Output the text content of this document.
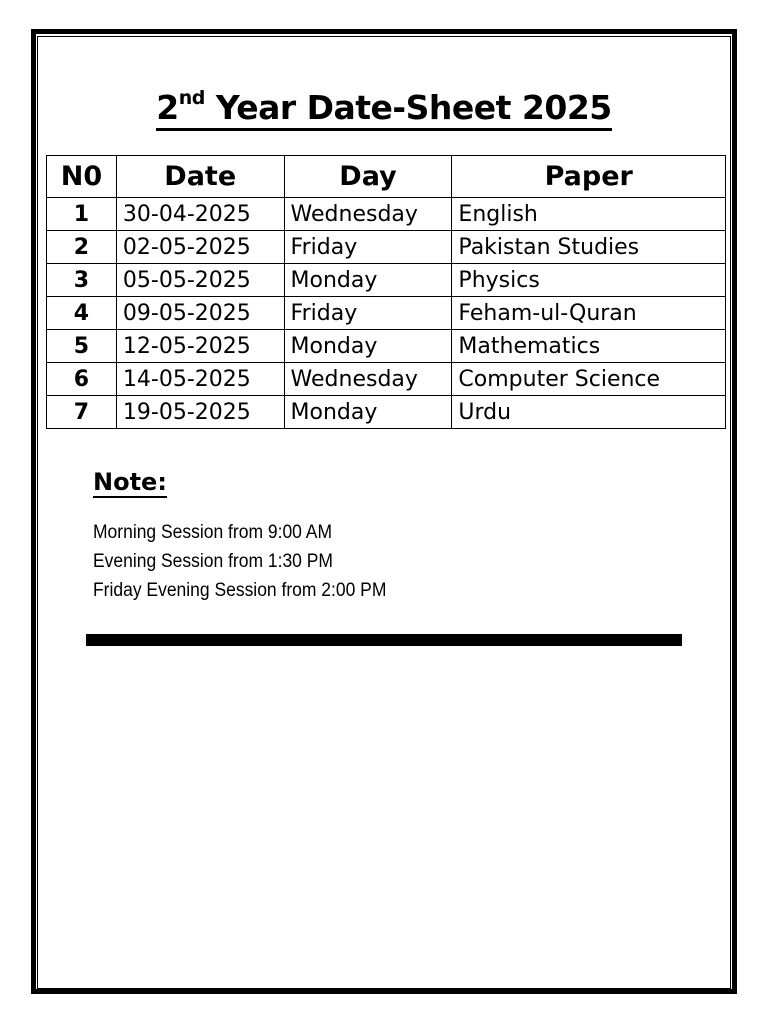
2nd Year Date-Sheet 2025
N0	Date	Day	Paper
1	30-04-2025	Wednesday	English
2	02-05-2025	Friday	Pakistan Studies
3	05-05-2025	Monday	Physics
4	09-05-2025	Friday	Feham-ul-Quran
5	12-05-2025	Monday	Mathematics
6	14-05-2025	Wednesday	Computer Science
7	19-05-2025	Monday	Urdu
Note:
Morning Session from 9:00 AM
Evening Session from 1:30 PM
Friday Evening Session from 2:00 PM
